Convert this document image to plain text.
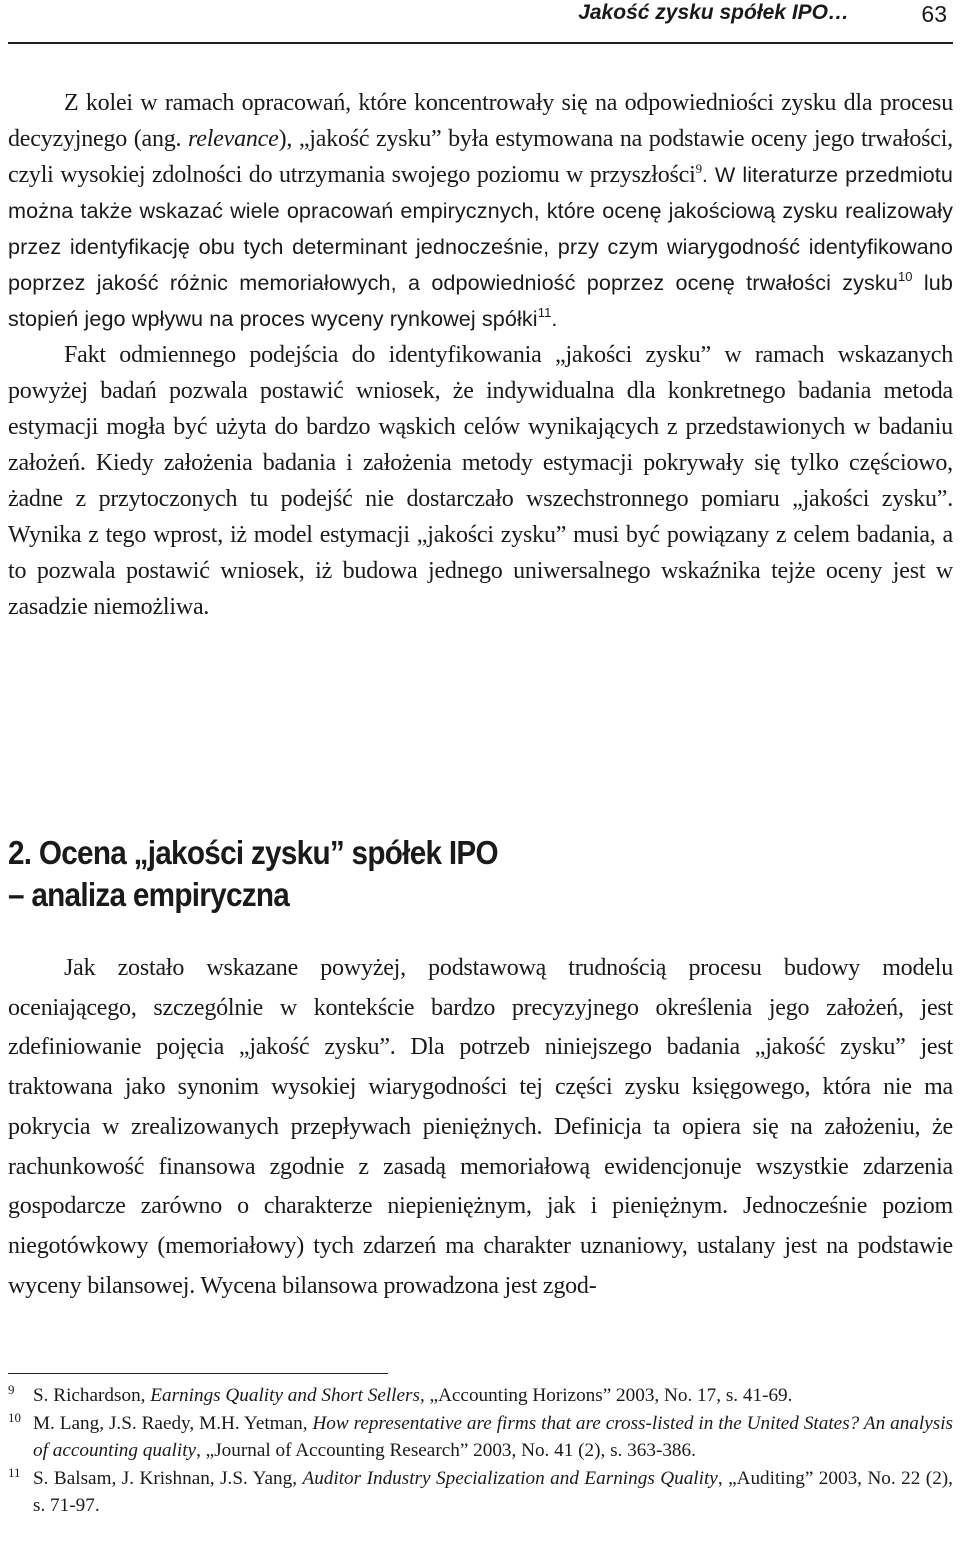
Jakość zysku spółek IPO…	63

Z kolei w ramach opracowań, które koncentrowały się na odpowiedniości zysku dla procesu decyzyjnego (ang. relevance), „jakość zysku” była estymowana na podstawie oceny jego trwałości, czyli wysokiej zdolności do utrzymania swojego poziomu w przyszłości$^9$. W literaturze przedmiotu można także wskazać wiele opracowań empirycznych, które ocenę jakościową zysku realizowały przez identyfikację obu tych determinant jednocześnie, przy czym wiarygodność identyfikowano poprzez jakość różnic memoriałowych, a odpowiedniość poprzez ocenę trwałości zysku$^{10}$ lub stopień jego wpływu na proces wyceny rynkowej spółki$^{11}$.

Fakt odmiennego podejścia do identyfikowania „jakości zysku” w ramach wskazanych powyżej badań pozwala postawić wniosek, że indywidualna dla konkretnego badania metoda estymacji mogła być użyta do bardzo wąskich celów wynikających z przedstawionych w badaniu założeń. Kiedy założenia badania i założenia metody estymacji pokrywały się tylko częściowo, żadne z przytoczonych tu podejść nie dostarczało wszechstronnego pomiaru „jakości zysku”. Wynika z tego wprost, iż model estymacji „jakości zysku” musi być powiązany z celem badania, a to pozwala postawić wniosek, iż budowa jednego uniwersalnego wskaźnika tejże oceny jest w zasadzie niemożliwa.

2. Ocena „jakości zysku” spółek IPO
– analiza empiryczna

Jak zostało wskazane powyżej, podstawową trudnością procesu budowy modelu oceniającego, szczególnie w kontekście bardzo precyzyjnego określenia jego założeń, jest zdefiniowanie pojęcia „jakość zysku”. Dla potrzeb niniejszego badania „jakość zysku” jest traktowana jako synonim wysokiej wiarygodności tej części zysku księgowego, która nie ma pokrycia w zrealizowanych przepływach pieniężnych. Definicja ta opiera się na założeniu, że rachunkowość finansowa zgodnie z zasadą memoriałową ewidencjonuje wszystkie zdarzenia gospodarcze zarówno o charakterze niepieniężnym, jak i pieniężnym. Jednocześnie poziom niegotówkowy (memoriałowy) tych zdarzeń ma charakter uznaniowy, ustalany jest na podstawie wyceny bilansowej. Wycena bilansowa prowadzona jest zgod-

9 S. Richardson, Earnings Quality and Short Sellers, „Accounting Horizons” 2003, No. 17, s. 41-69.
10 M. Lang, J.S. Raedy, M.H. Yetman, How representative are firms that are cross-listed in the United States? An analysis of accounting quality, „Journal of Accounting Research” 2003, No. 41 (2), s. 363-386.
11 S. Balsam, J. Krishnan, J.S. Yang, Auditor Industry Specialization and Earnings Quality, „Auditing” 2003, No. 22 (2), s. 71-97.
